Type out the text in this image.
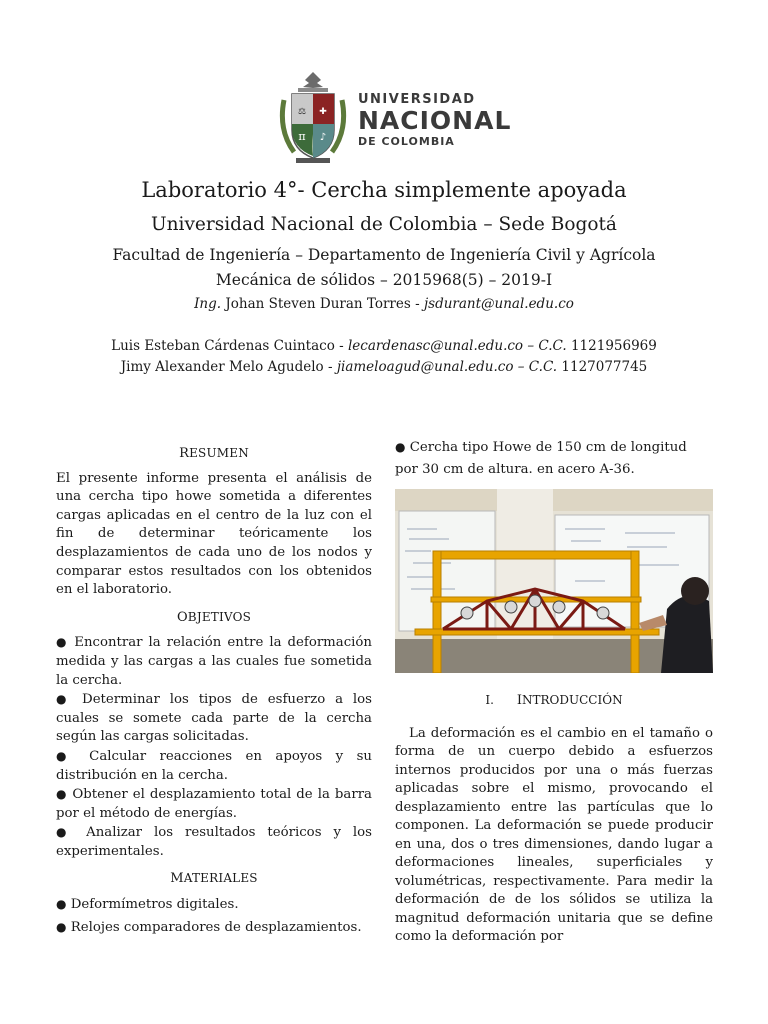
⚖ ✚
π ♪
UNIVERSIDAD
NACIONAL
DE COLOMBIA
Laboratorio 4°- Cercha simplemente apoyada
Universidad Nacional de Colombia – Sede Bogotá
Facultad de Ingeniería – Departamento de Ingeniería Civil y Agrícola
Mecánica de sólidos – 2015968(5) – 2019-I
Ing. Johan Steven Duran Torres - jsdurant@unal.edu.co
Luis Esteban Cárdenas Cuintaco - lecardenasc@unal.edu.co – C.C. 1121956969
Jimy Alexander Melo Agudelo - jiameloagud@unal.edu.co – C.C. 1127077745
RESUMEN

El presente informe presenta el análisis de una cercha tipo howe sometida a diferentes cargas aplicadas en el centro de la luz con el fin de determinar teóricamente los desplazamientos de cada uno de los nodos y comparar estos resultados con los obtenidos en el laboratorio.

OBJETIVOS

● Encontrar la relación entre la deformación medida y las cargas a las cuales fue sometida la cercha.

● Determinar los tipos de esfuerzo a los cuales se somete cada parte de la cercha según las cargas solicitadas.

● Calcular reacciones en apoyos y su distribución en la cercha.

● Obtener el desplazamiento total de la barra por el método de energías.

● Analizar los resultados teóricos y los experimentales.

MATERIALES

● Deformímetros digitales.

● Relojes comparadores de desplazamientos.

● Cercha tipo Howe de 150 cm de longitud por 30 cm de altura. en acero A-36.

I. INTRODUCCIÓN

La deformación es el cambio en el tamaño o forma de un cuerpo debido a esfuerzos internos producidos por una o más fuerzas aplicadas sobre el mismo, provocando el desplazamiento entre las partículas que lo componen. La deformación se puede producir en una, dos o tres dimensiones, dando lugar a deformaciones lineales, superficiales y volumétricas, respectivamente. Para medir la deformación de de los sólidos se utiliza la magnitud deformación unitaria que se define como la deformación por
